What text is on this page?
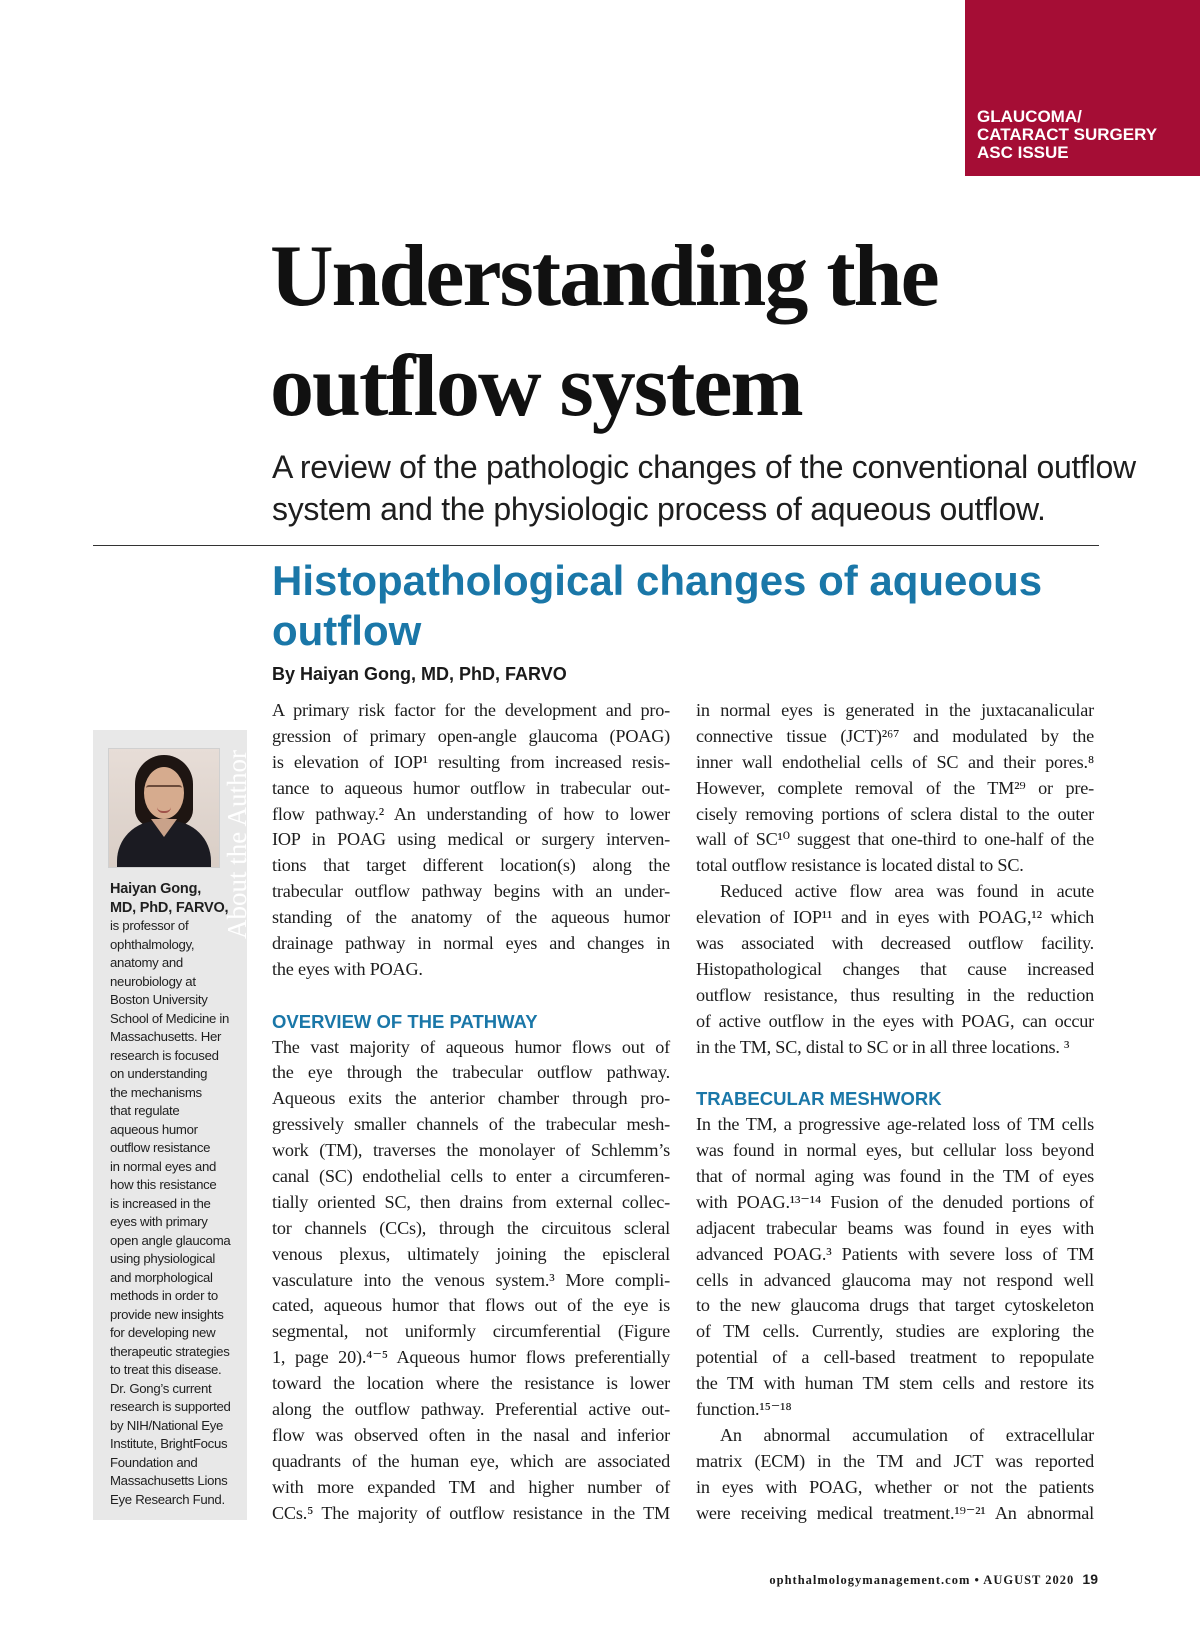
GLAUCOMA/
CATARACT SURGERY
ASC ISSUE
Understanding the
outflow system
A review of the pathologic changes of the conventional outflow
system and the physiologic process of aqueous outflow.
Histopathological changes of aqueous
outflow
By Haiyan Gong, MD, PhD, FARVO
About the Author
Haiyan Gong,
MD, PhD, FARVO,
is professor of
ophthalmology,
anatomy and
neurobiology at
Boston University
School of Medicine in
Massachusetts. Her
research is focused
on understanding
the mechanisms
that regulate
aqueous humor
outflow resistance
in normal eyes and
how this resistance
is increased in the
eyes with primary
open angle glaucoma
using physiological
and morphological
methods in order to
provide new insights
for developing new
therapeutic strategies
to treat this disease.
Dr. Gong’s current
research is supported
by NIH/National Eye
Institute, BrightFocus
Foundation and
Massachusetts Lions
Eye Research Fund.
A primary risk factor for the development and pro-
gression of primary open-angle glaucoma (POAG)
is elevation of IOP¹ resulting from increased resis-
tance to aqueous humor outflow in trabecular out-
flow pathway.² An understanding of how to lower
IOP in POAG using medical or surgery interven-
tions that target different location(s) along the
trabecular outflow pathway begins with an under-
standing of the anatomy of the aqueous humor
drainage pathway in normal eyes and changes in
the eyes with POAG.
OVERVIEW OF THE PATHWAY
The vast majority of aqueous humor flows out of
the eye through the trabecular outflow pathway.
Aqueous exits the anterior chamber through pro-
gressively smaller channels of the trabecular mesh-
work (TM), traverses the monolayer of Schlemm’s
canal (SC) endothelial cells to enter a circumferen-
tially oriented SC, then drains from external collec-
tor channels (CCs), through the circuitous scleral
venous plexus, ultimately joining the episcleral
vasculature into the venous system.³ More compli-
cated, aqueous humor that flows out of the eye is
segmental, not uniformly circumferential (Figure
1, page 20).⁴⁻⁵ Aqueous humor flows preferentially
toward the location where the resistance is lower
along the outflow pathway. Preferential active out-
flow was observed often in the nasal and inferior
quadrants of the human eye, which are associated
with more expanded TM and higher number of
CCs.⁵ The majority of outflow resistance in the TM
in normal eyes is generated in the juxtacanalicular
connective tissue (JCT)²⁶⁷ and modulated by the
inner wall endothelial cells of SC and their pores.⁸
However, complete removal of the TM²⁹ or pre-
cisely removing portions of sclera distal to the outer
wall of SC¹⁰ suggest that one-third to one-half of the
total outflow resistance is located distal to SC.
Reduced active flow area was found in acute
elevation of IOP¹¹ and in eyes with POAG,¹² which
was associated with decreased outflow facility.
Histopathological changes that cause increased
outflow resistance, thus resulting in the reduction
of active outflow in the eyes with POAG, can occur
in the TM, SC, distal to SC or in all three locations. ³
TRABECULAR MESHWORK
In the TM, a progressive age-related loss of TM cells
was found in normal eyes, but cellular loss beyond
that of normal aging was found in the TM of eyes
with POAG.¹³⁻¹⁴ Fusion of the denuded portions of
adjacent trabecular beams was found in eyes with
advanced POAG.³ Patients with severe loss of TM
cells in advanced glaucoma may not respond well
to the new glaucoma drugs that target cytoskeleton
of TM cells. Currently, studies are exploring the
potential of a cell-based treatment to repopulate
the TM with human TM stem cells and restore its
function.¹⁵⁻¹⁸
An abnormal accumulation of extracellular
matrix (ECM) in the TM and JCT was reported
in eyes with POAG, whether or not the patients
were receiving medical treatment.¹⁹⁻²¹ An abnormal
ophthalmologymanagement.com • AUGUST 2020 19
